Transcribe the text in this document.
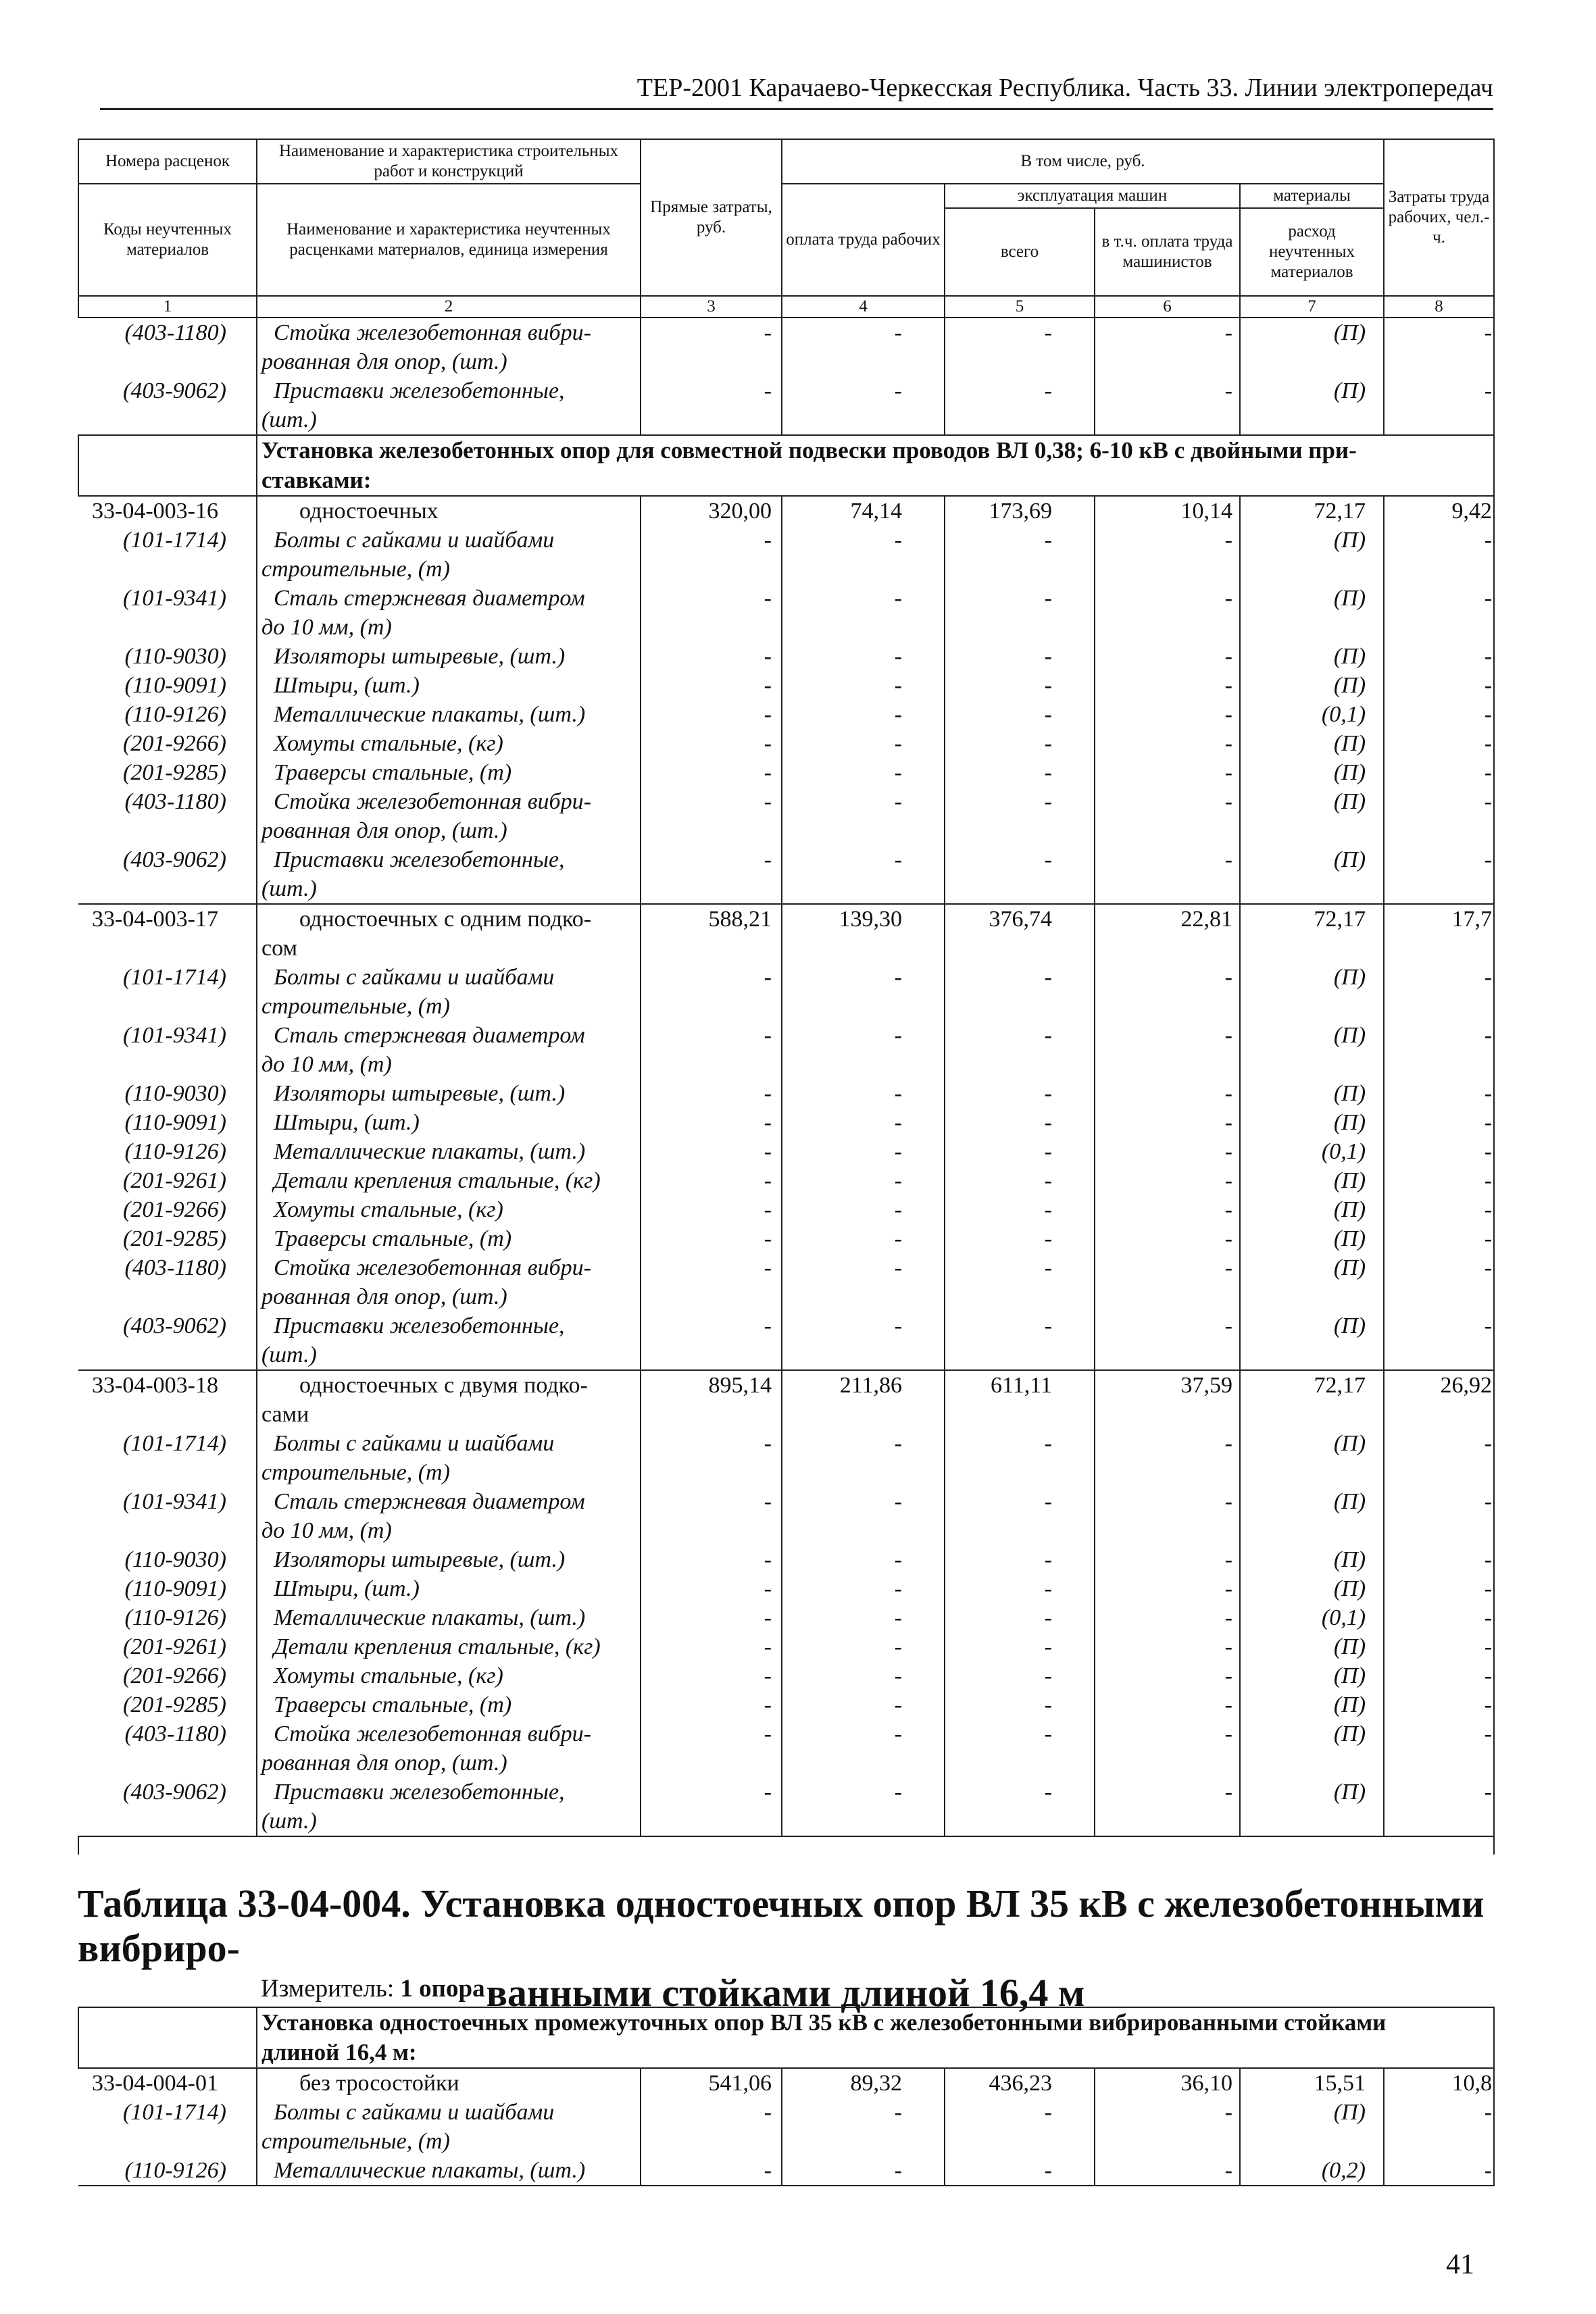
ТЕР-2001 Карачаево-Черкесская Республика. Часть 33. Линии электропередач
Номера расценок	Наименование и характеристика строительных работ и конструкций	Прямые затраты, руб.	В том числе, руб.				Затраты труда рабочих, чел.-ч.
Коды неучтенных материалов	Наименование и характеристика неучтенных расценками материалов, единица измерения		оплата труда рабочих	эксплуатация машин		материалы	
				всего	в т.ч. оплата труда машинистов	расход неучтенных материалов	
1	2	3	4	5	6	7	8
(403-1180)	Стойка железобетонная вибри-
рованная для опор, (шт.)	-	-	-	-	(П)	-
(403-9062)	Приставки железобетонные,
(шт.)	-	-	-	-	(П)	-

	Установка железобетонных опор для совместной подвески проводов ВЛ 0,38; 6-10 кВ с двойными при-
ставками:						

33-04-003-16	одностоечных	320,00	74,14	173,69	10,14	72,17	9,42
(101-1714)	Болты с гайками и шайбами
строительные, (т)	-	-	-	-	(П)	-
(101-9341)	Сталь стержневая диаметром
до 10 мм, (т)	-	-	-	-	(П)	-
(110-9030)	Изоляторы штыревые, (шт.)	-	-	-	-	(П)	-
(110-9091)	Штыри, (шт.)	-	-	-	-	(П)	-
(110-9126)	Металлические плакаты, (шт.)	-	-	-	-	(0,1)	-
(201-9266)	Хомуты стальные, (кг)	-	-	-	-	(П)	-
(201-9285)	Траверсы стальные, (т)	-	-	-	-	(П)	-
(403-1180)	Стойка железобетонная вибри-
рованная для опор, (шт.)	-	-	-	-	(П)	-
(403-9062)	Приставки железобетонные,
(шт.)	-	-	-	-	(П)	-
33-04-003-17	одностоечных с одним подко-
сом	588,21	139,30	376,74	22,81	72,17	17,7
(101-1714)	Болты с гайками и шайбами
строительные, (т)	-	-	-	-	(П)	-
(101-9341)	Сталь стержневая диаметром
до 10 мм, (т)	-	-	-	-	(П)	-
(110-9030)	Изоляторы штыревые, (шт.)	-	-	-	-	(П)	-
(110-9091)	Штыри, (шт.)	-	-	-	-	(П)	-
(110-9126)	Металлические плакаты, (шт.)	-	-	-	-	(0,1)	-
(201-9261)	Детали крепления стальные, (кг)	-	-	-	-	(П)	-
(201-9266)	Хомуты стальные, (кг)	-	-	-	-	(П)	-
(201-9285)	Траверсы стальные, (т)	-	-	-	-	(П)	-
(403-1180)	Стойка железобетонная вибри-
рованная для опор, (шт.)	-	-	-	-	(П)	-
(403-9062)	Приставки железобетонные,
(шт.)	-	-	-	-	(П)	-
33-04-003-18	одностоечных с двумя подко-
сами	895,14	211,86	611,11	37,59	72,17	26,92
(101-1714)	Болты с гайками и шайбами
строительные, (т)	-	-	-	-	(П)	-
(101-9341)	Сталь стержневая диаметром
до 10 мм, (т)	-	-	-	-	(П)	-
(110-9030)	Изоляторы штыревые, (шт.)	-	-	-	-	(П)	-
(110-9091)	Штыри, (шт.)	-	-	-	-	(П)	-
(110-9126)	Металлические плакаты, (шт.)	-	-	-	-	(0,1)	-
(201-9261)	Детали крепления стальные, (кг)	-	-	-	-	(П)	-
(201-9266)	Хомуты стальные, (кг)	-	-	-	-	(П)	-
(201-9285)	Траверсы стальные, (т)	-	-	-	-	(П)	-
(403-1180)	Стойка железобетонная вибри-
рованная для опор, (шт.)	-	-	-	-	(П)	-
(403-9062)	Приставки железобетонные,
(шт.)	-	-	-	-	(П)	-

Таблица 33-04-004. Установка одностоечных опор ВЛ 35 кВ с железобетонными вибриро-
ванными стойками длиной 16,4 м
Измеритель: 1 опора

	Установка одностоечных промежуточных опор ВЛ 35 кВ с железобетонными вибрированными стойками
длиной 16,4 м:						

33-04-004-01	без тросостойки	541,06	89,32	436,23	36,10	15,51	10,8
(101-1714)	Болты с гайками и шайбами
строительные, (т)	-	-	-	-	(П)	-
(110-9126)	Металлические плакаты, (шт.)	-	-	-	-	(0,2)	-

41
